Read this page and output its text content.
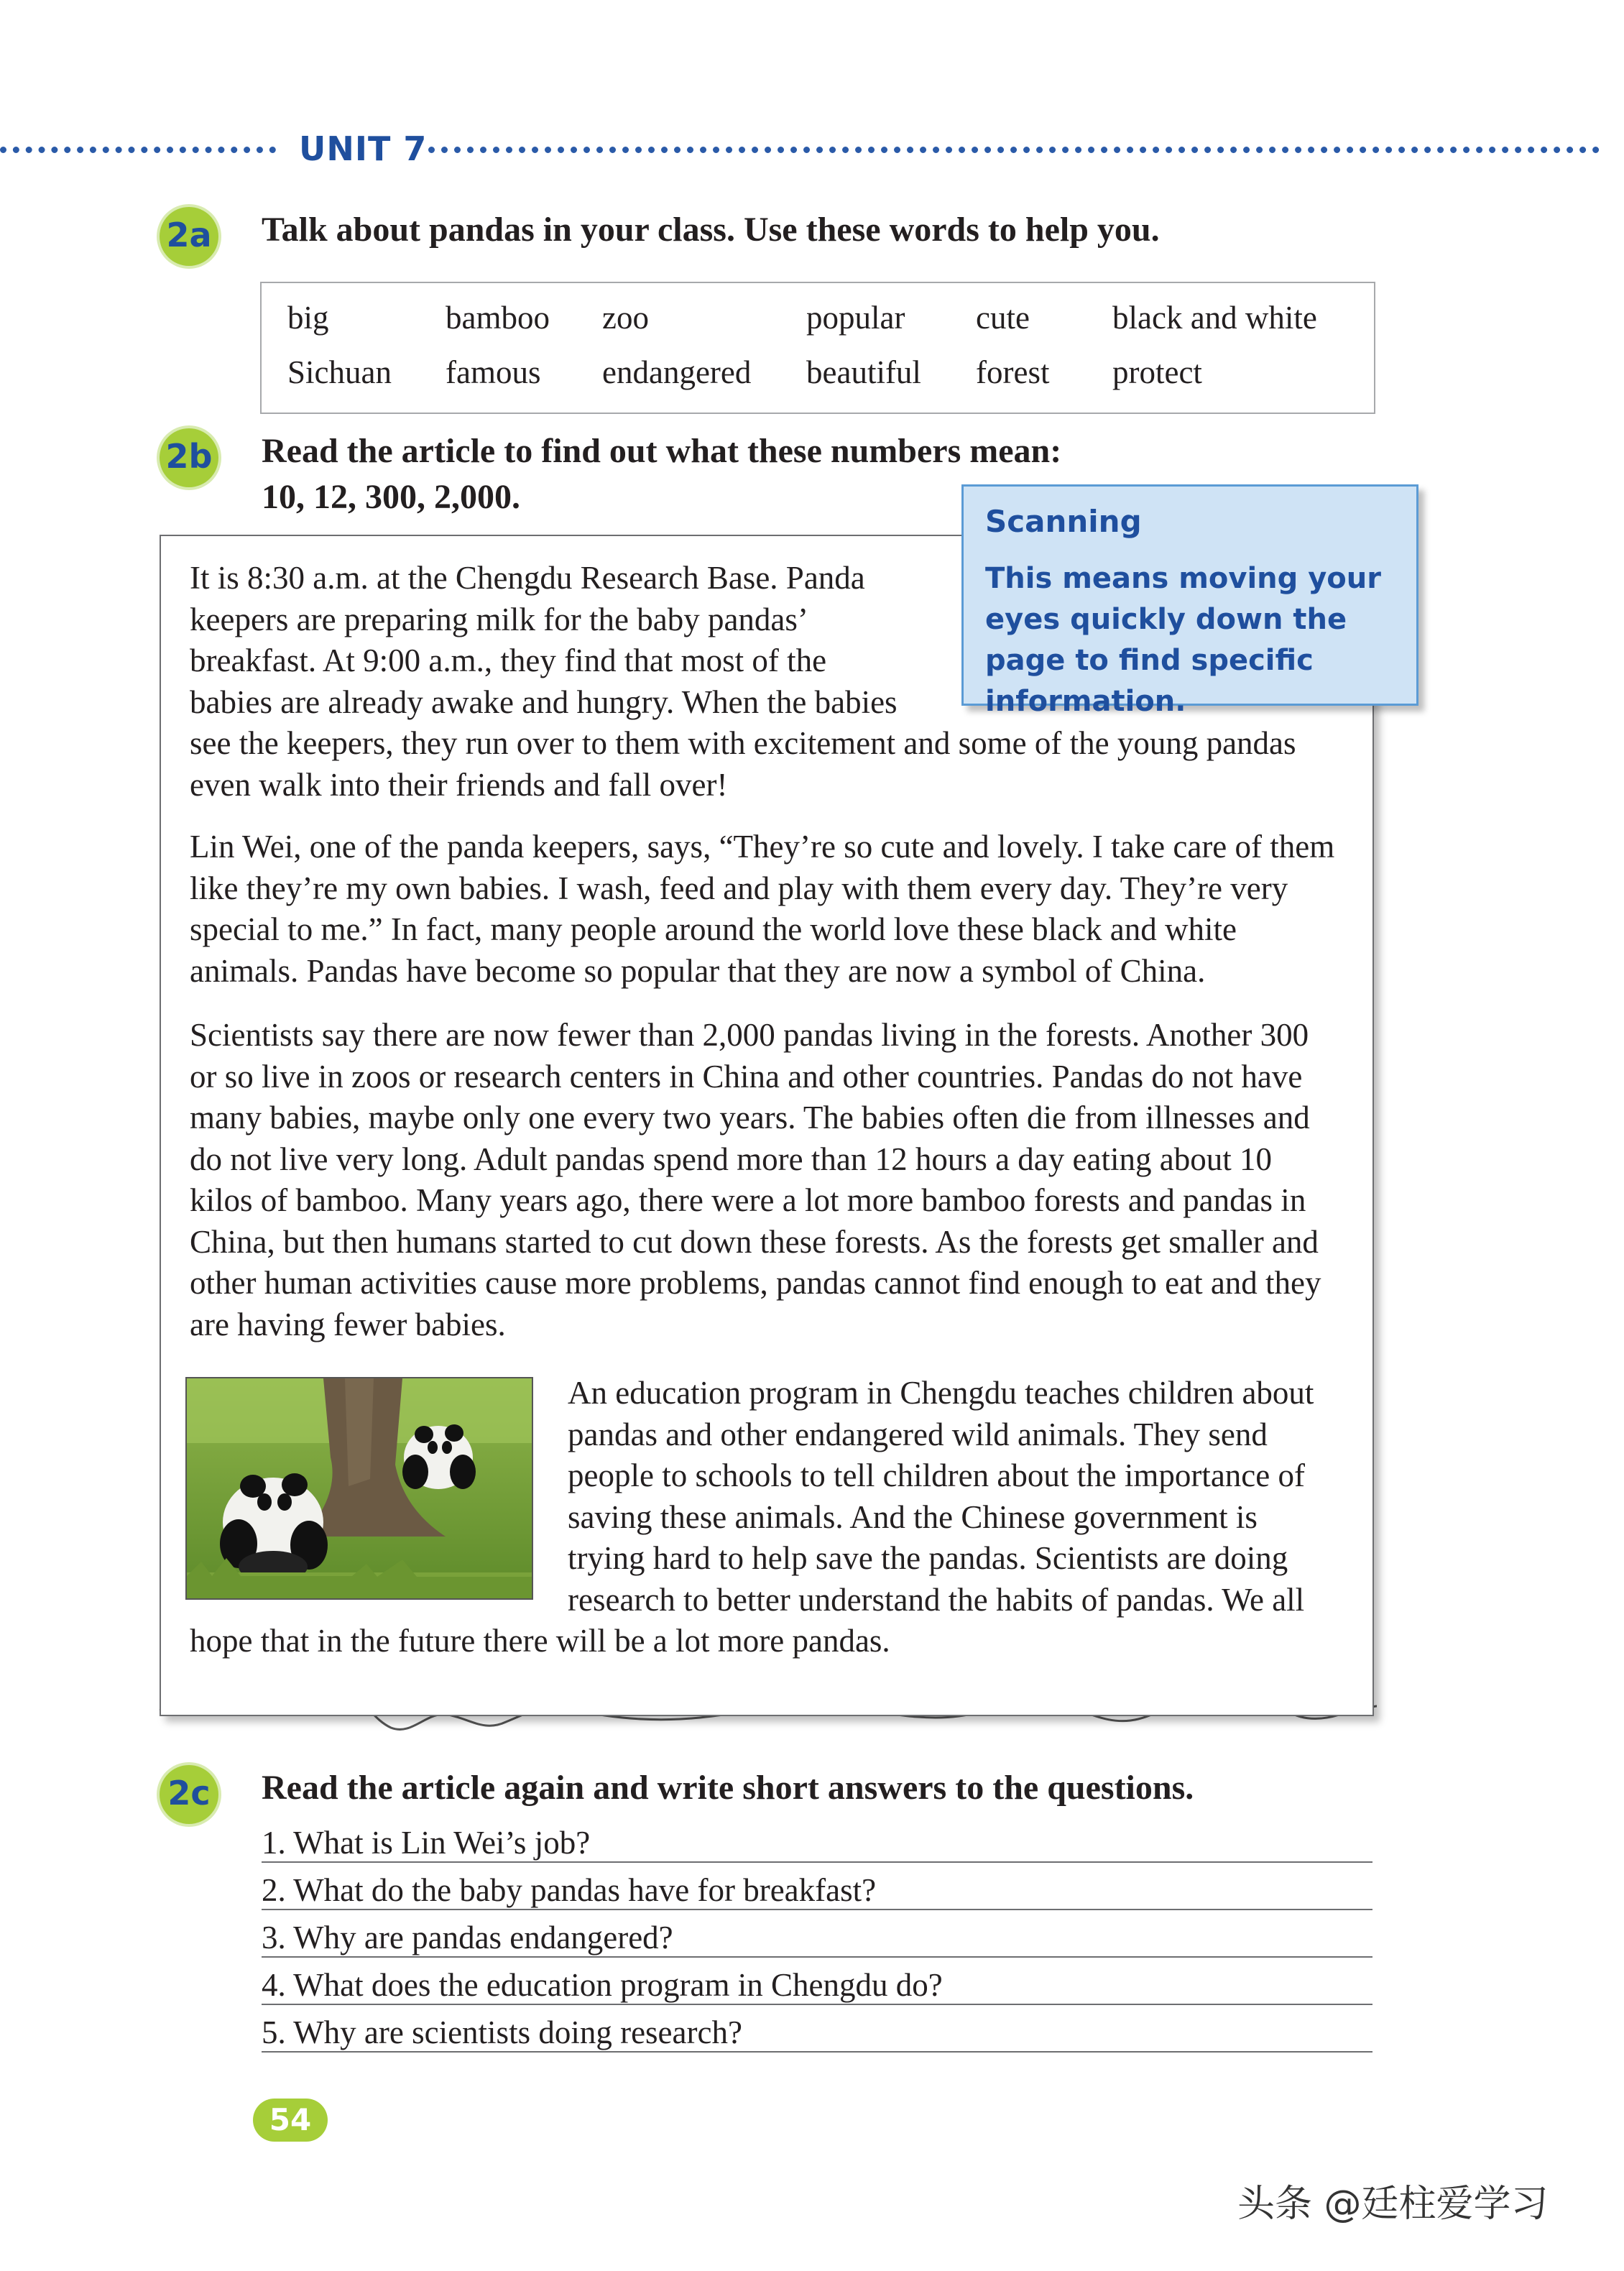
UNIT 7
2a Talk about pandas in your class. Use these words to help you.
big	bamboo zoo	popular cute	black and white
Sichuan famous endangered beautiful forest protect
2b Read the article to find out what these numbers mean:
10, 12, 300, 2,000.

It is 8:30 a.m. at the Chengdu Research Base. Panda keepers are preparing milk for the baby pandas’ breakfast. At 9:00 a.m., they find that most of the babies are already awake and hungry. When the babies see the keepers, they run over to them with excitement and some of the young pandas even walk into their friends and fall over!

Lin Wei, one of the panda keepers, says, “They’re so cute and lovely. I take care of them like they’re my own babies. I wash, feed and play with them every day. They’re very special to me.” In fact, many people around the world love these black and white animals. Pandas have become so popular that they are now a symbol of China.

Scientists say there are now fewer than 2,000 pandas living in the forests. Another 300 or so live in zoos or research centers in China and other countries. Pandas do not have many babies, maybe only one every two years. The babies often die from illnesses and do not live very long. Adult pandas spend more than 12 hours a day eating about 10 kilos of bamboo. Many years ago, there were a lot more bamboo forests and pandas in China, but then humans started to cut down these forests. As the forests get smaller and other human activities cause more problems, pandas cannot find enough to eat and they are having fewer babies.

An education program in Chengdu teaches children about pandas and other endangered wild animals. They send people to schools to tell children about the importance of saving these animals. And the Chinese government is trying hard to help save the pandas. Scientists are doing research to better understand the habits of pandas. We all hope that in the future there will be a lot more pandas.

Scanning

This means moving your eyes quickly down the page to find specific information.

2c Read the article again and write short answers to the questions.
1. What is Lin Wei’s job?
2. What do the baby pandas have for breakfast?
3. Why are pandas endangered?
4. What does the education program in Chengdu do?
5. Why are scientists doing research?
54
头条 @廷柱爱学习
